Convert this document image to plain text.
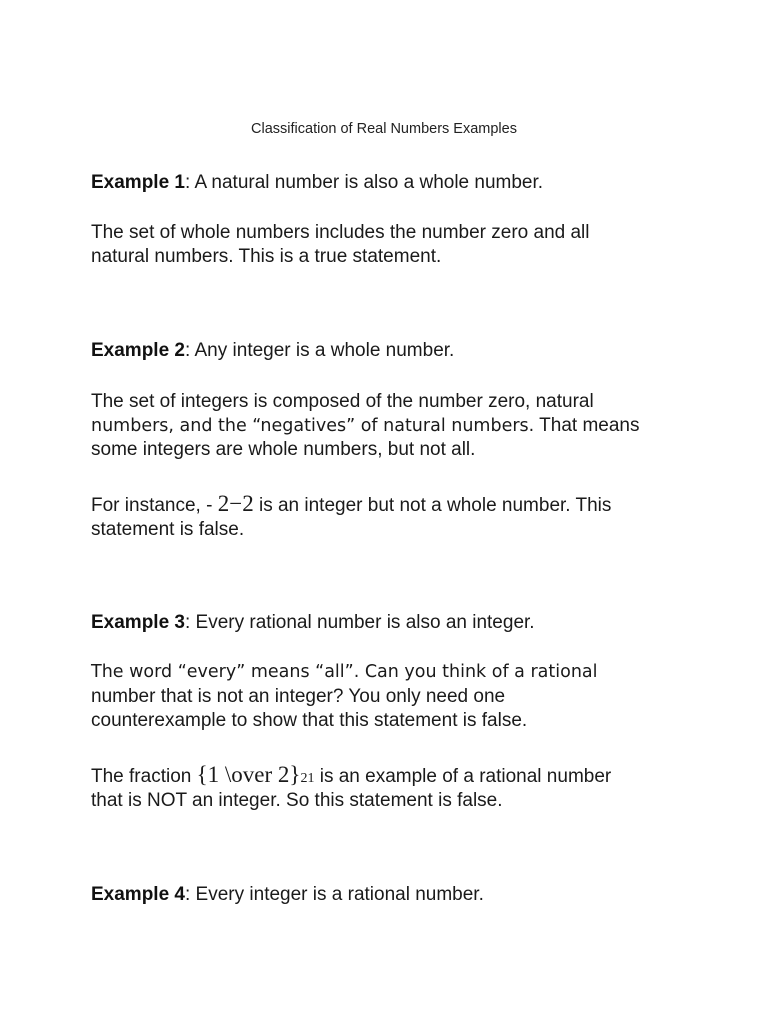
Classification of Real Numbers Examples

Example 1: A natural number is also a whole number.

The set of whole numbers includes the number zero and all

natural numbers. This is a true statement.

Example 2: Any integer is a whole number.

The set of integers is composed of the number zero, natural

numbers, and the “negatives” of natural numbers. That means

some integers are whole numbers, but not all.

For instance, - 2−2 is an integer but not a whole number. This

statement is false.

Example 3: Every rational number is also an integer.

The word “every” means “all”. Can you think of a rational

number that is not an integer? You only need one

counterexample to show that this statement is false.

The fraction {1 \over 2}21 is an example of a rational number

that is NOT an integer. So this statement is false.

Example 4: Every integer is a rational number.
